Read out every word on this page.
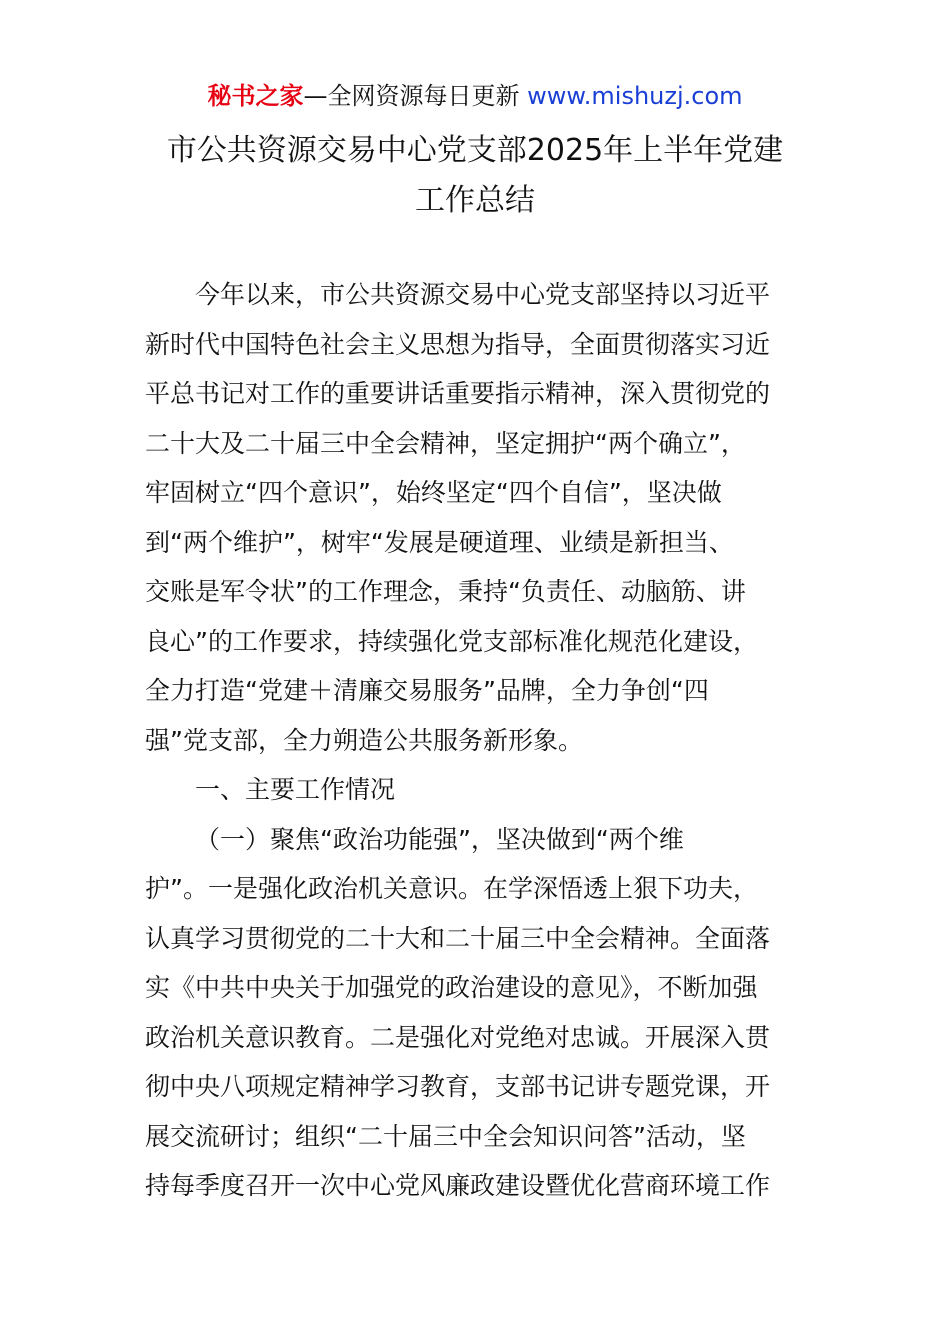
秘书之家—全网资源每日更新 www.mishuzj.com
市公共资源交易中心党支部2025年上半年党建
工作总结
今年以来，市公共资源交易中心党支部坚持以习近平
新时代中国特色社会主义思想为指导，全面贯彻落实习近
平总书记对工作的重要讲话重要指示精神，深入贯彻党的
二十大及二十届三中全会精神，坚定拥护“两个确立”，
牢固树立“四个意识”，始终坚定“四个自信”，坚决做
到“两个维护”，树牢“发展是硬道理、业绩是新担当、
交账是军令状”的工作理念，秉持“负责任、动脑筋、讲
良心”的工作要求，持续强化党支部标准化规范化建设，
全力打造“党建＋清廉交易服务”品牌，全力争创“四
强”党支部，全力朔造公共服务新形象。
一、主要工作情况
（一）聚焦“政治功能强”，坚决做到“两个维
护”。一是强化政治机关意识。在学深悟透上狠下功夫，
认真学习贯彻党的二十大和二十届三中全会精神。全面落
实《中共中央关于加强党的政治建设的意见》，不断加强
政治机关意识教育。二是强化对党绝对忠诚。开展深入贯
彻中央八项规定精神学习教育，支部书记讲专题党课，开
展交流研讨；组织“二十届三中全会知识问答”活动，坚
持每季度召开一次中心党风廉政建设暨优化营商环境工作
